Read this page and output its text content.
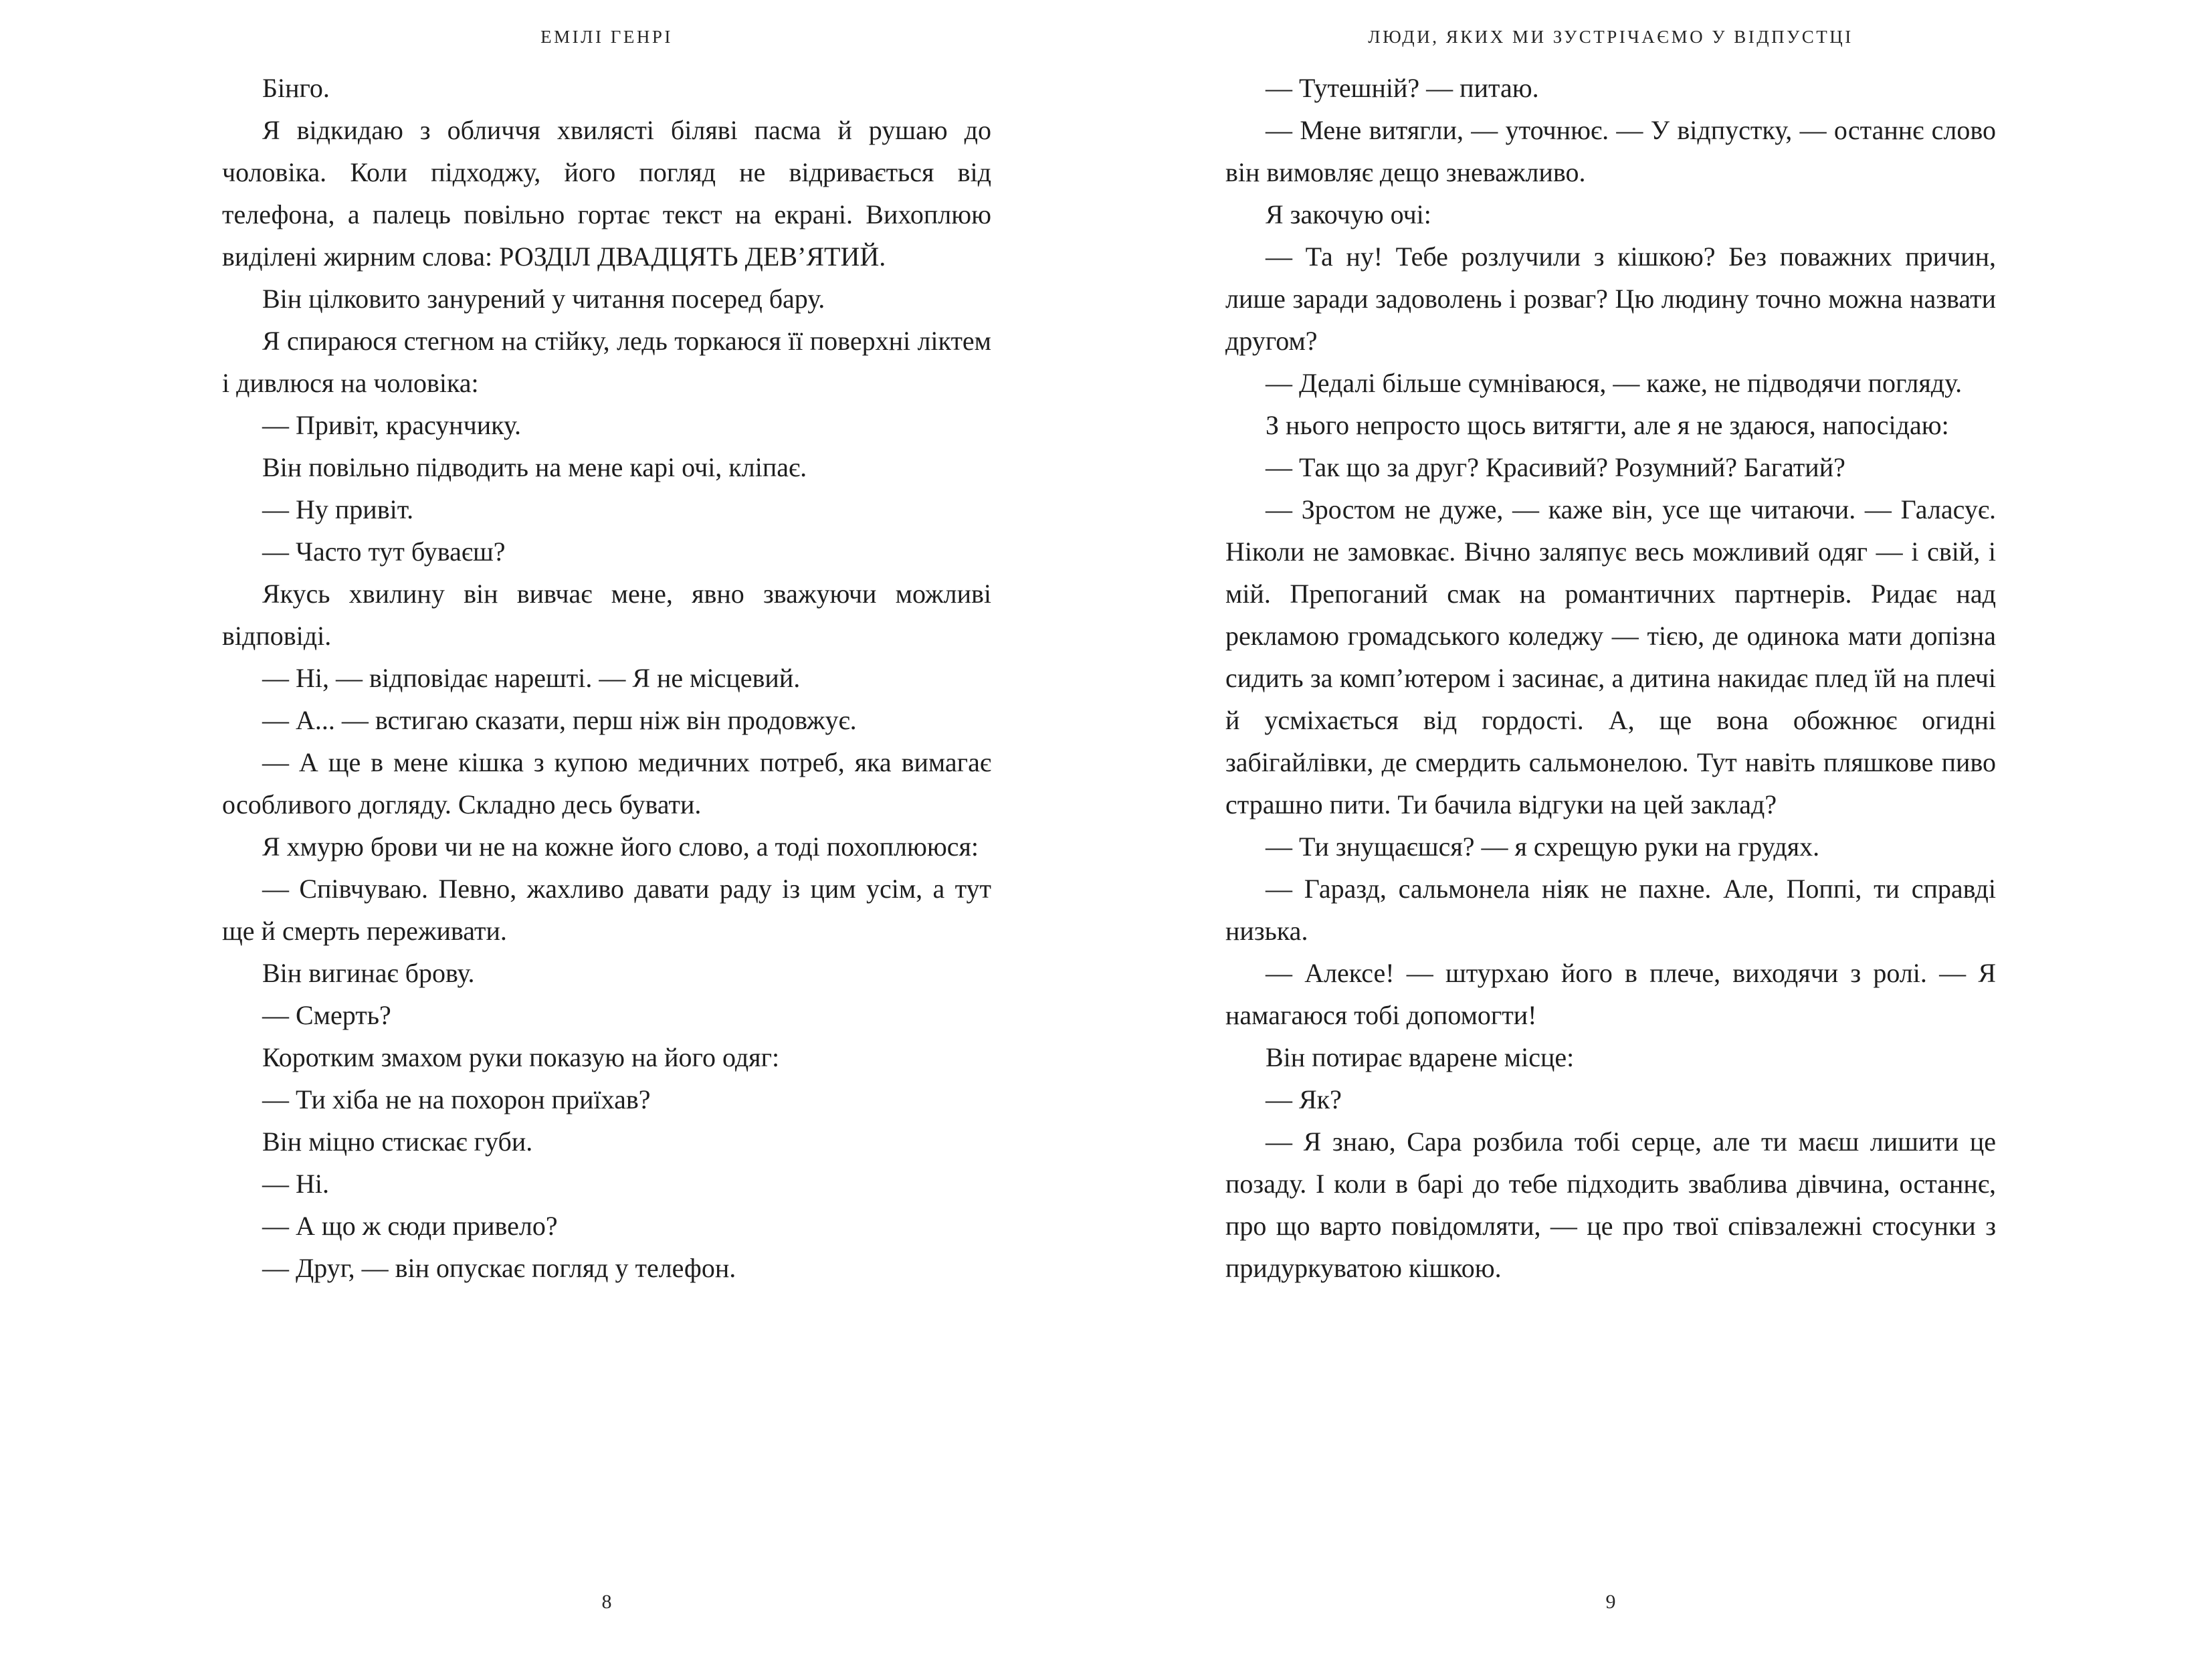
ЕМІЛІ ГЕНРІ

Бінго.

Я відкидаю з обличчя хвилясті біляві пасма й рушаю до чоловіка. Коли підходжу, його погляд не відривається від телефона, а палець повільно гортає текст на екрані. Вихоплюю виділені жирним слова: РОЗДІЛ ДВАДЦЯТЬ ДЕВ’ЯТИЙ.

Він цілковито занурений у читання посеред бару.

Я спираюся стегном на стійку, ледь торкаюся її поверхні ліктем і дивлюся на чоловіка:

— Привіт, красунчику.

Він повільно підводить на мене карі очі, кліпає.

— Ну привіт.

— Часто тут буваєш?

Якусь хвилину він вивчає мене, явно зважуючи можливі відповіді.

— Ні, — відповідає нарешті. — Я не місцевий.

— А... — встигаю сказати, перш ніж він продовжує.

— А ще в мене кішка з купою медичних потреб, яка вимагає особливого догляду. Складно десь бувати.

Я хмурю брови чи не на кожне його слово, а тоді похоплююся:

— Співчуваю. Певно, жахливо давати раду із цим усім, а тут ще й смерть переживати.

Він вигинає брову.

— Смерть?

Коротким змахом руки показую на його одяг:

— Ти хіба не на похорон приїхав?

Він міцно стискає губи.

— Ні.

— А що ж сюди привело?

— Друг, — він опускає погляд у телефон.

8
ЛЮДИ, ЯКИХ МИ ЗУСТРІЧАЄМО У ВІДПУСТЦІ

— Тутешній? — питаю.

— Мене витягли, — уточнює. — У відпустку, — останнє слово він вимовляє дещо зневажливо.

Я закочую очі:

— Та ну! Тебе розлучили з кішкою? Без поважних причин, лише заради задоволень і розваг? Цю людину точно можна назвати другом?

— Дедалі більше сумніваюся, — каже, не підводячи погляду.

З нього непросто щось витягти, але я не здаюся, напосідаю:

— Так що за друг? Красивий? Розумний? Багатий?

— Зростом не дуже, — каже він, усе ще читаючи. — Галасує. Ніколи не замовкає. Вічно заляпує весь можливий одяг — і свій, і мій. Препоганий смак на романтичних партнерів. Ридає над рекламою громадського коледжу — тією, де одинока мати допізна сидить за комп’ютером і засинає, а дитина накидає плед їй на плечі й усміхається від гордості. А, ще вона обожнює огидні забігайлівки, де смердить сальмонелою. Тут навіть пляшкове пиво страшно пити. Ти бачила відгуки на цей заклад?

— Ти знущаєшся? — я схрещую руки на грудях.

— Гаразд, сальмонела ніяк не пахне. Але, Поппі, ти справді низька.

— Алексе! — штурхаю його в плече, виходячи з ролі. — Я намагаюся тобі допомогти!

Він потирає вдарене місце:

— Як?

— Я знаю, Сара розбила тобі серце, але ти маєш лишити це позаду. І коли в барі до тебе підходить зваблива дівчина, останнє, про що варто повідомляти, — це про твої співзалежні стосунки з придуркуватою кішкою.

9
